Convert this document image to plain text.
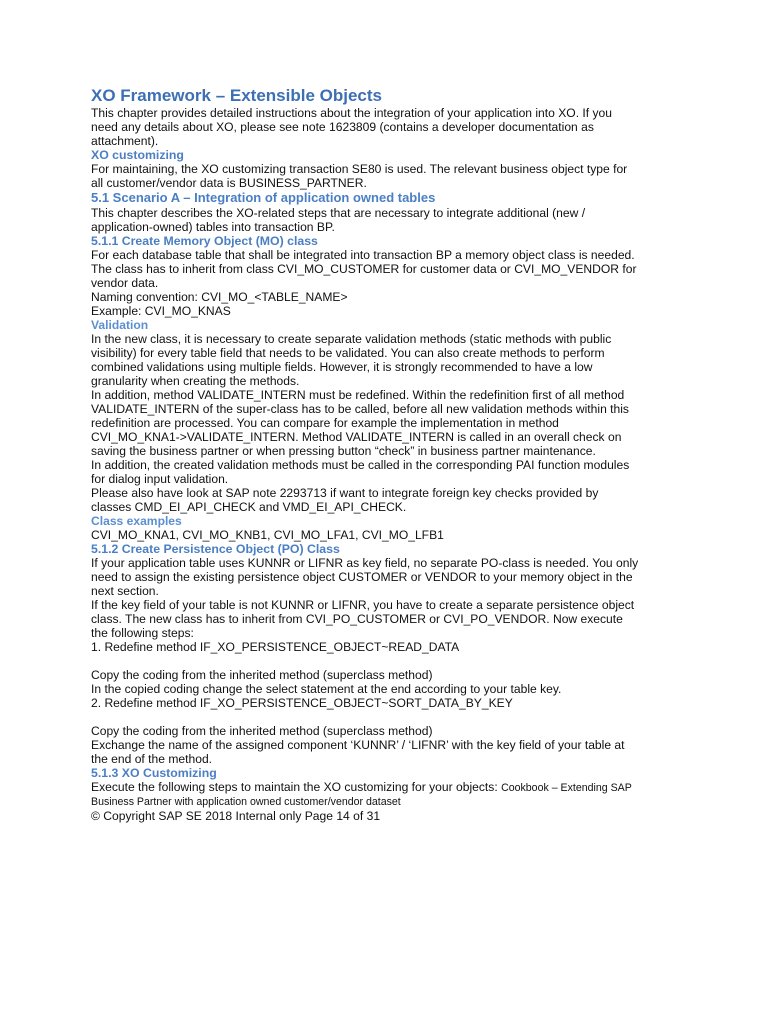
XO Framework – Extensible Objects
This chapter provides detailed instructions about the integration of your application into XO. If you
need any details about XO, please see note 1623809 (contains a developer documentation as
attachment).
XO customizing
For maintaining, the XO customizing transaction SE80 is used. The relevant business object type for
all customer/vendor data is BUSINESS_PARTNER.
5.1 Scenario A – Integration of application owned tables
This chapter describes the XO-related steps that are necessary to integrate additional (new /
application-owned) tables into transaction BP.
5.1.1 Create Memory Object (MO) class
For each database table that shall be integrated into transaction BP a memory object class is needed.
The class has to inherit from class CVI_MO_CUSTOMER for customer data or CVI_MO_VENDOR for
vendor data.
Naming convention: CVI_MO_<TABLE_NAME>
Example: CVI_MO_KNAS
Validation
In the new class, it is necessary to create separate validation methods (static methods with public
visibility) for every table field that needs to be validated. You can also create methods to perform
combined validations using multiple fields. However, it is strongly recommended to have a low
granularity when creating the methods.
In addition, method VALIDATE_INTERN must be redefined. Within the redefinition first of all method
VALIDATE_INTERN of the super-class has to be called, before all new validation methods within this
redefinition are processed. You can compare for example the implementation in method
CVI_MO_KNA1->VALIDATE_INTERN. Method VALIDATE_INTERN is called in an overall check on
saving the business partner or when pressing button “check” in business partner maintenance.
In addition, the created validation methods must be called in the corresponding PAI function modules
for dialog input validation.
Please also have look at SAP note 2293713 if want to integrate foreign key checks provided by
classes CMD_EI_API_CHECK and VMD_EI_API_CHECK.
Class examples
CVI_MO_KNA1, CVI_MO_KNB1, CVI_MO_LFA1, CVI_MO_LFB1
5.1.2 Create Persistence Object (PO) Class
If your application table uses KUNNR or LIFNR as key field, no separate PO-class is needed. You only
need to assign the existing persistence object CUSTOMER or VENDOR to your memory object in the
next section.
If the key field of your table is not KUNNR or LIFNR, you have to create a separate persistence object
class. The new class has to inherit from CVI_PO_CUSTOMER or CVI_PO_VENDOR. Now execute
the following steps:
1. Redefine method IF_XO_PERSISTENCE_OBJECT~READ_DATA
Copy the coding from the inherited method (superclass method)
In the copied coding change the select statement at the end according to your table key.
2. Redefine method IF_XO_PERSISTENCE_OBJECT~SORT_DATA_BY_KEY
Copy the coding from the inherited method (superclass method)
Exchange the name of the assigned component ‘KUNNR’ / ‘LIFNR’ with the key field of your table at
the end of the method.
5.1.3 XO Customizing
Execute the following steps to maintain the XO customizing for your objects: Cookbook – Extending SAP
Business Partner with application owned customer/vendor dataset
© Copyright SAP SE 2018 Internal only Page 14 of 31
